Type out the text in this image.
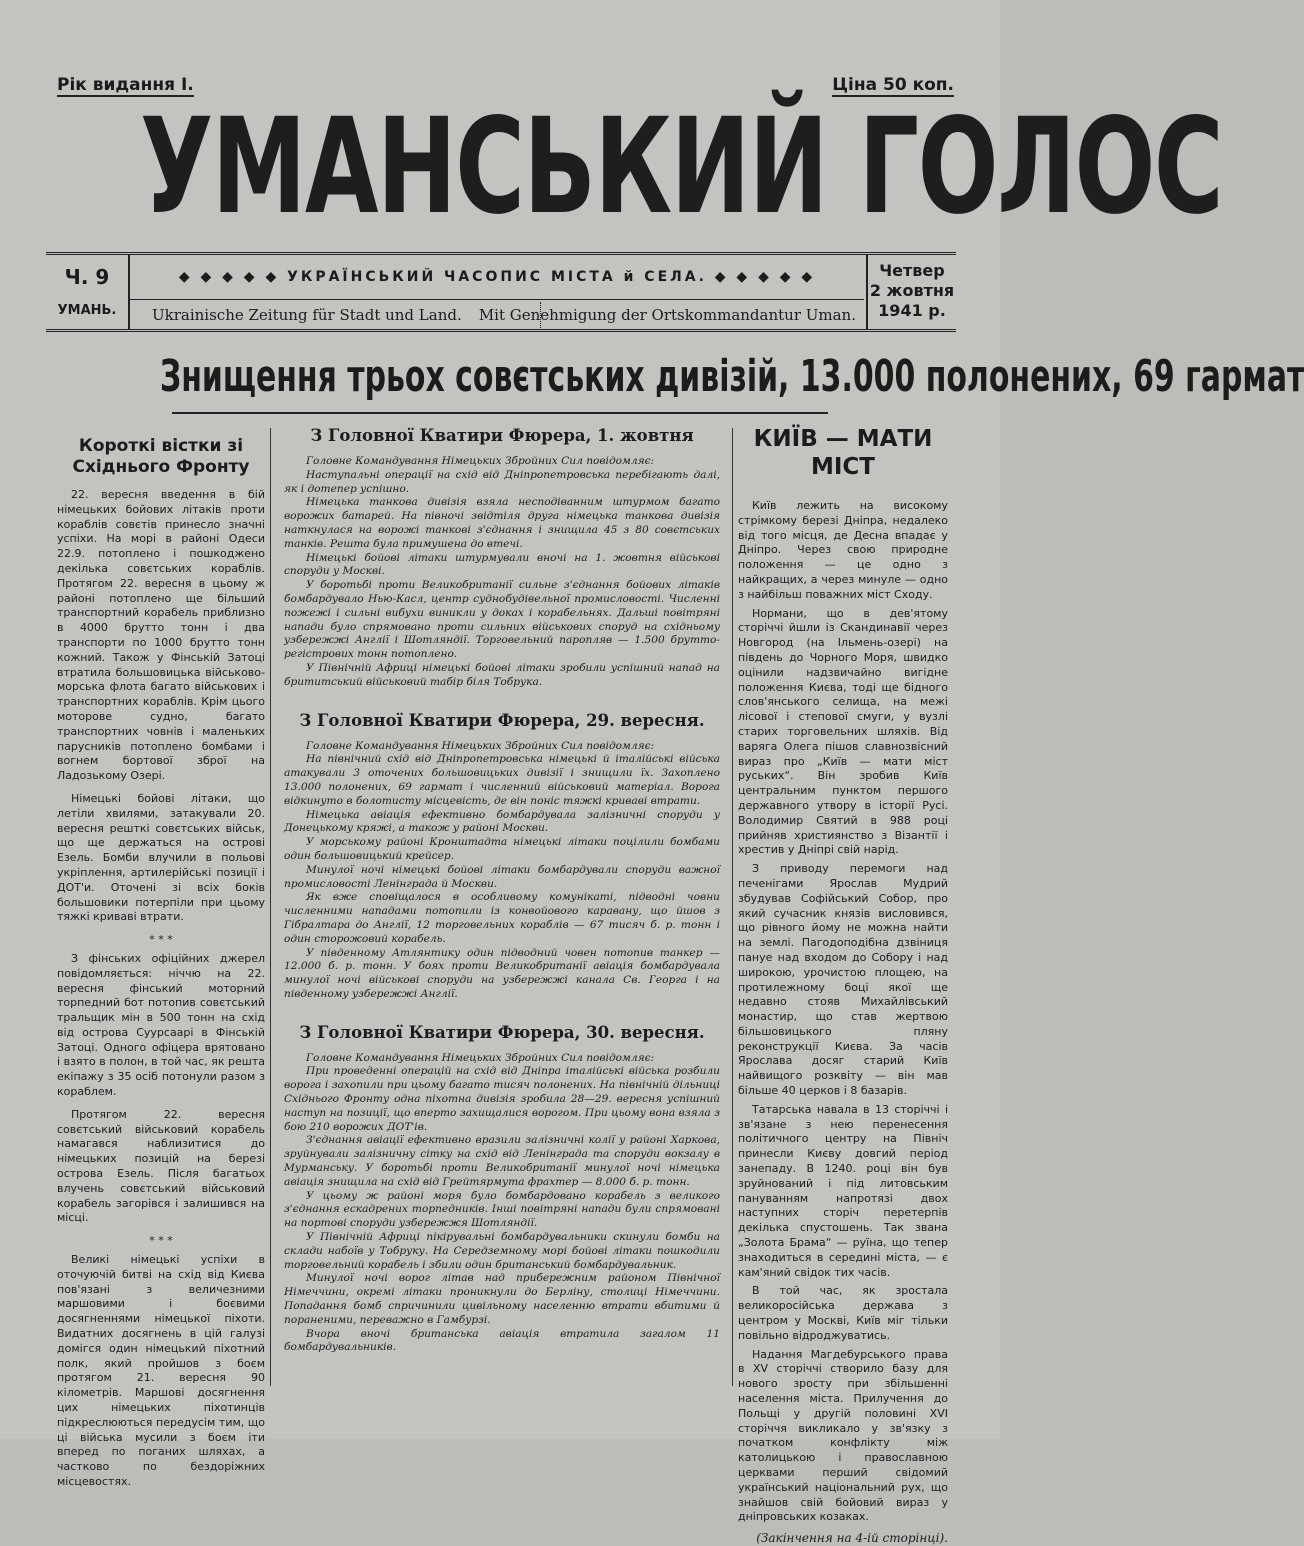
Рік видання I.	Ціна 50 коп.
УМАНСЬКИЙ ГОЛОС
Ч. 9
УМАНЬ.
◆ ◆ ◆ ◆ ◆ УКРАЇНСЬКИЙ ЧАСОПИС МІСТА й СЕЛА. ◆ ◆ ◆ ◆ ◆
Ukrainische Zeitung für Stadt und Land. Mit Genehmigung der Ortskommandantur Uman.
Четвер
2 жовтня
1941 р.
Знищення трьох совєтських дивізій, 13.000 полонених, 69 гармат
Короткі вістки зі Східнього Фронту

22. вересня введення в бій німецьких бойових літаків проти кораблів совєтів принесло значні успіхи. На морі в районі Одеси 22.9. потоплено і пошкоджено декілька совєтських кораблів. Протягом 22. вересня в цьому ж районі потоплено ще більший транспортний корабель приблизно в 4000 брутто тонн і два транспорти по 1000 брутто тонн кожний. Також у Фінській Затоці втратила большовицька військово-морська флота багато військових і транспортних кораблів. Крім цього моторове судно, багато транспортних човнів і маленьких парусників потоплено бомбами і вогнем бортової зброї на Ладозькому Озері.

Німецькі бойові літаки, що летіли хвилями, затакували 20. вересня решткі совєтських військ, що ще держаться на острові Езель. Бомби влучили в польові укріплення, артилерійські позиції і ДОТ'и. Оточені зі всіх боків большовики потерпіли при цьому тяжкі криваві втрати.

* * *

З фінських офіційних джерел повідомляється: ніччю на 22. вересня фінський моторний торпедний бот потопив совєтський тральщик мін в 500 тонн на схід від острова Суурсаарі в Фінській Затоці. Одного офіцера врятовано і взято в полон, в той час, як решта екіпажу з 35 осіб потонули разом з кораблем.

Протягом 22. вересня совєтський військовий корабель намагався наблизитися до німецьких позицій на березі острова Езель. Після багатьох влучень совєтський військовий корабель загорівся і залишився на місці.

* * *

Великі німецькі успіхи в оточуючій битві на схід від Києва пов'язані з величезними маршовими і боєвими досягненнями німецької піхоти. Видатних досягнень в цій галузі домігся один німецький піхотний полк, який пройшов з боєм протягом 21. вересня 90 кілометрів. Маршові досягнення цих німецьких піхотинців підкреслюються передусім тим, що ці війська мусили з боєм іти вперед по поганих шляхах, а частково по бездоріжних місцевостях.

З Головної Кватири Фюрера, 1. жовтня

Головне Командування Німецьких Збройних Сил повідомляє:

Наступальні операції на схід від Дніпропетровська перебігають далі, як і дотепер успішно.

Німецька танкова дивізія взяла несподіванним штурмом багато ворожих батарей. На півночі звідтіля друга німецька танкова дивізія наткнулася на ворожі танкові з'єднання і знищила 45 з 80 совєтських танків. Решта була примушена до втечі.

Німецькі бойові літаки штурмували вночі на 1. жовтня військові споруди у Москві.

У боротьбі проти Великобританії сильне з'єднання бойових літаків бомбардувало Нью-Касл, центр суднобудівельної промисловості. Численні пожежі і сильні вибухи виникли у доках і корабельнях. Дальші повітряні напади було спрямовано проти сильних військових споруд на східньому узбережжі Англії і Шотляндії. Торговельний паропляв — 1.500 брутто-регістрових тонн потоплено.

У Північній Африці німецькі бойові літаки зробили успішний напад на брититський військовий табір біля Тобрука.

З Головної Кватири Фюрера, 29. вересня.

Головне Командування Німецьких Збройних Сил повідомляє:

На північний схід від Дніпропетровська німецькі й італійські війська атакували 3 оточених большовицьких дивізії і знищили їх. Захоплено 13.000 полонених, 69 гармат і численний військовий матеріал. Ворога відкинуто в болотисту місцевість, де він поніс тяжкі криваві втрати.

Німецька авіація ефективно бомбардувала залізничні споруди у Донецькому кряжі, а також у районі Москви.

У морському районі Кронштадта німецькі літаки поцілили бомбами один большовицький крейсер.

Минулої ночі німецькі бойові літаки бомбардували споруди важної промисловості Ленінграда й Москви.

Як вже сповіщалося в особливому комунікаті, підводні човни численними нападами потопили із конвойового каравану, що йшов з Гібралтара до Англії, 12 торговельних кораблів — 67 тисяч б. р. тонн і один сторожовий корабель.

У південному Атлянтику один підводний човен потопив танкер — 12.000 б. р. тонн. У боях проти Великобританії авіація бомбардувала минулої ночі військові споруди на узбережжі канала Св. Георга і на південному узбережжі Англії.

З Головної Кватири Фюрера, 30. вересня.

Головне Командування Німецьких Збройних Сил повідомляє:

При проведенні операцій на схід від Дніпра італійські війська розбили ворога і захопили при цьому багато тисяч полонених. На північній дільниці Східнього Фронту одна піхотна дивізія зробила 28—29. вересня успішний наступ на позиції, що вперто захищалися ворогом. При цьому вона взяла з бою 210 ворожих ДОТ'ів.

З'єднання авіації ефективно вразили залізничні колії у районі Харкова, зруйнували залізничну сітку на схід від Ленінграда та споруди вокзалу в Мурманську. У боротьбі проти Великобританії минулої ночі німецька авіація знищила на схід від Грейтярмута фрахтер — 8.000 б. р. тонн.

У цьому ж районі моря було бомбардовано корабель з великого з'єднання ескадрених торпедників. Інші повітряні напади були спрямовані на портові споруди узбережжя Шотляндії.

У Північній Африці пікірувальні бомбардувальники скинули бомби на склади набоїв у Тобруку. На Середземному морі бойові літаки пошкодили торговельний корабель і збили один британський бомбардувальник.

Минулої ночі ворог літав над прибережним районом Північної Німеччини, окремі літаки проникнули до Берліну, столиці Німеччини. Попадання бомб спричинили цивільному населенню втрати вбитими й пораненими, переважно в Гамбурзі.

Вчора вночі британська авіація втратила загалом 11 бомбардувальників.

КИЇВ — МАТИ МІСТ

Київ лежить на високому стрімкому березі Дніпра, недалеко від того місця, де Десна впадає у Дніпро. Через свою природне положення — це одно з найкращих, а через минуле — одно з найбільш поважних міст Сходу.

Нормани, що в дев'ятому сторіччі йшли із Скандинавії через Новгород (на Ільмень-озері) на південь до Чорного Моря, швидко оцінили надзвичайно вигідне положення Києва, тоді ще бідного слов'янського селища, на межі лісової і степової смуги, у вузлі старих торговельних шляхів. Від варяга Олега пішов славнозвісний вираз про „Київ — мати міст руських“. Він зробив Київ центральним пунктом першого державного утвору в історії Русі. Володимир Святий в 988 році прийняв християнство з Візантії і хрестив у Дніпрі свій нарід.

З приводу перемоги над печенігами Ярослав Мудрий збудував Софійський Собор, про який сучасник князів висловився, що рівного йому не можна найти на землі. Пагодоподібна дзвіниця пануе над входом до Собору і над широкою, урочистою площею, на протилежному боці якої ще недавно стояв Михайлівський монастир, що став жертвою більшовицького пляну реконструкції Києва. За часів Ярослава досяг старий Київ найвищого розквіту — він мав більше 40 церков і 8 базарів.

Татарська навала в 13 сторіччі і зв'язане з нею перенесення політичного центру на Північ принесли Києву довгий період занепаду. В 1240. році він був зруйнований і під литовським пануванням напротязі двох наступних сторіч перетерпів декілька спустошень. Так звана „Золота Брама“ — руїна, що тепер знаходиться в середині міста, — є кам'яний свідок тих часів.

В той час, як зростала великоросійська держава з центром у Москві, Київ міг тільки повільно відроджуватись.

Надання Магдебурського права в XV сторіччі створило базу для нового зросту при збільшенні населення міста. Прилучення до Польщі у другій половині XVI сторіччя викликало у зв'язку з початком конфлікту між католицькою і православною церквами перший свідомий український національний рух, що знайшов свій бойовий вираз у дніпровських козаках.

(Закінчення на 4-ій сторінці).
